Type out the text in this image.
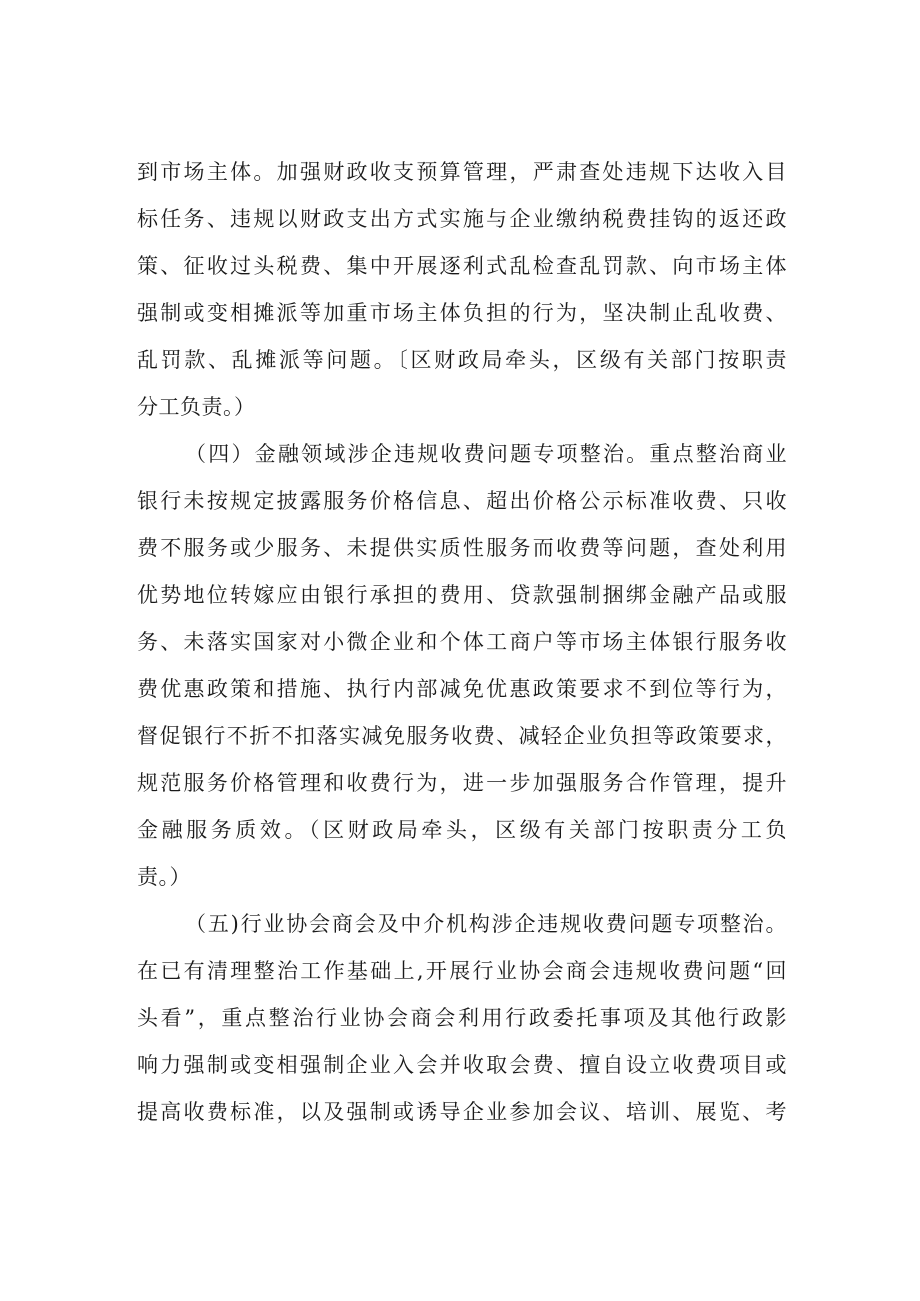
到市场主体。加强财政收支预算管理，严肃查处违规下达收入目
标任务、违规以财政支出方式实施与企业缴纳税费挂钩的返还政
策、征收过头税费、集中开展逐利式乱检查乱罚款、向市场主体
强制或变相摊派等加重市场主体负担的行为，坚决制止乱收费、
乱罚款、乱摊派等问题。〔区财政局牵头，区级有关部门按职责
分工负责。）
（四）金融领域涉企违规收费问题专项整治。重点整治商业
银行未按规定披露服务价格信息、超出价格公示标准收费、只收
费不服务或少服务、未提供实质性服务而收费等问题，查处利用
优势地位转嫁应由银行承担的费用、贷款强制捆绑金融产品或服
务、未落实国家对小微企业和个体工商户等市场主体银行服务收
费优惠政策和措施、执行内部减免优惠政策要求不到位等行为，
督促银行不折不扣落实减免服务收费、减轻企业负担等政策要求，
规范服务价格管理和收费行为，进一步加强服务合作管理，提升
金融服务质效。（区财政局牵头，区级有关部门按职责分工负
责。）
（五)行业协会商会及中介机构涉企违规收费问题专项整治。
在已有清理整治工作基础上,开展行业协会商会违规收费问题“回
头看”，重点整治行业协会商会利用行政委托事项及其他行政影
响力强制或变相强制企业入会并收取会费、擅自设立收费项目或
提高收费标准，以及强制或诱导企业参加会议、培训、展览、考
